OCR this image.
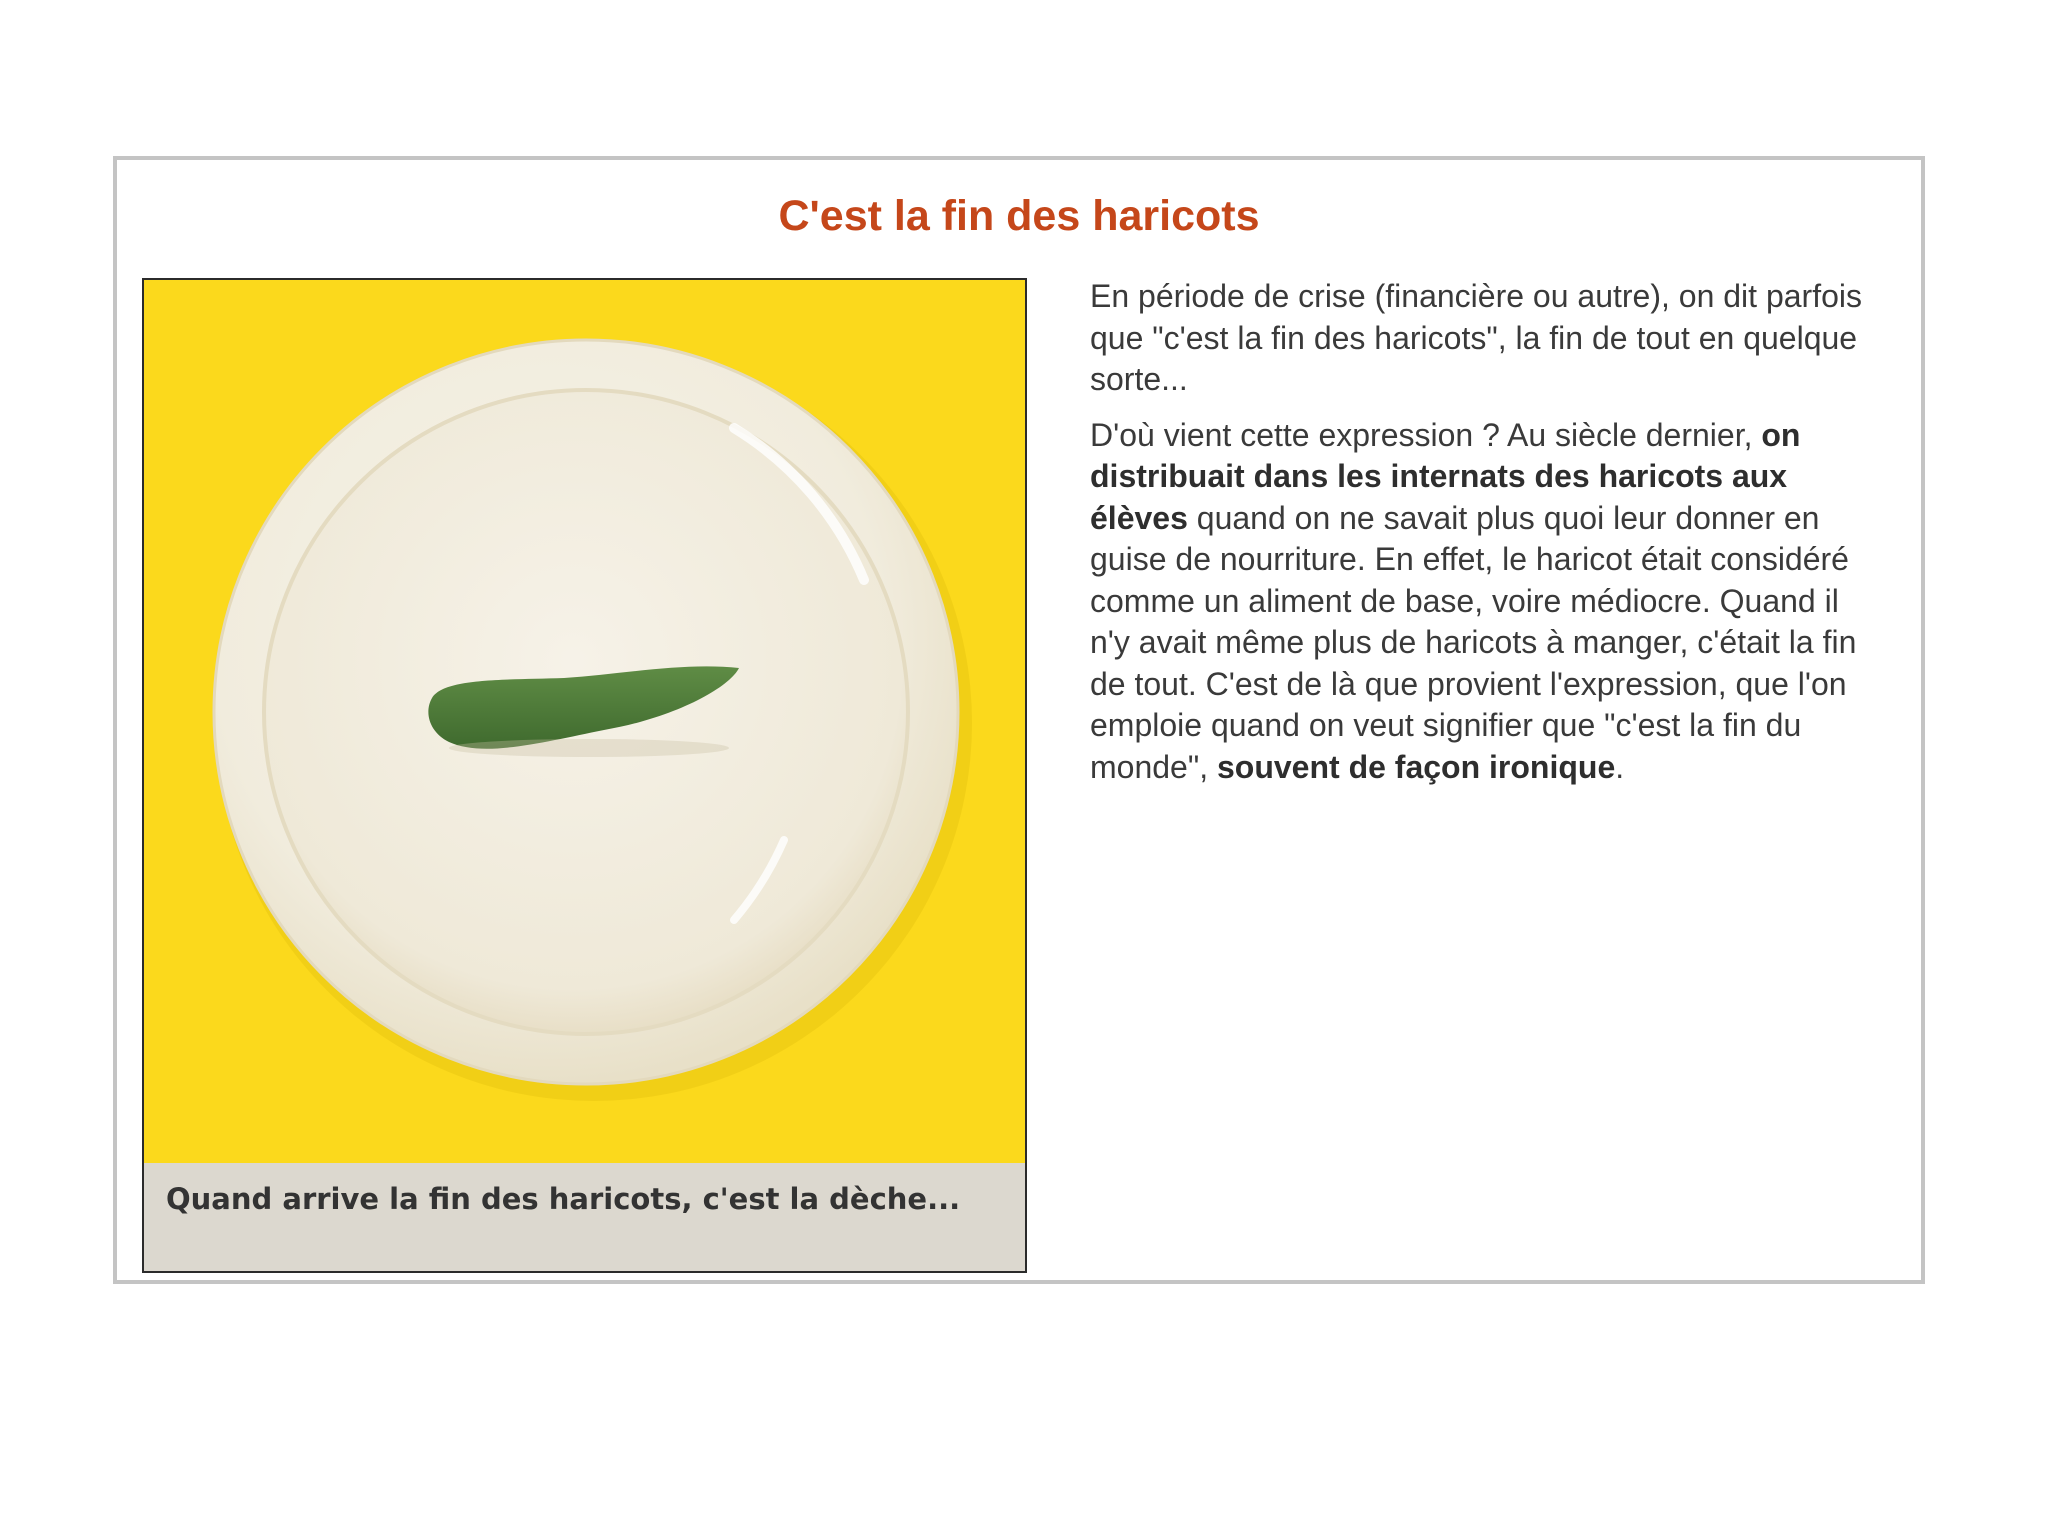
C'est la fin des haricots
Quand arrive la fin des haricots, c'est la dèche...

En période de crise (financière ou autre), on dit parfois que "c'est la fin des haricots", la fin de tout en quelque sorte...

D'où vient cette expression ? Au siècle dernier, on distribuait dans les internats des haricots aux élèves quand on ne savait plus quoi leur donner en guise de nourriture. En effet, le haricot était considéré comme un aliment de base, voire médiocre. Quand il n'y avait même plus de haricots à manger, c'était la fin de tout. C'est de là que provient l'expression, que l'on emploie quand on veut signifier que "c'est la fin du monde", souvent de façon ironique.
